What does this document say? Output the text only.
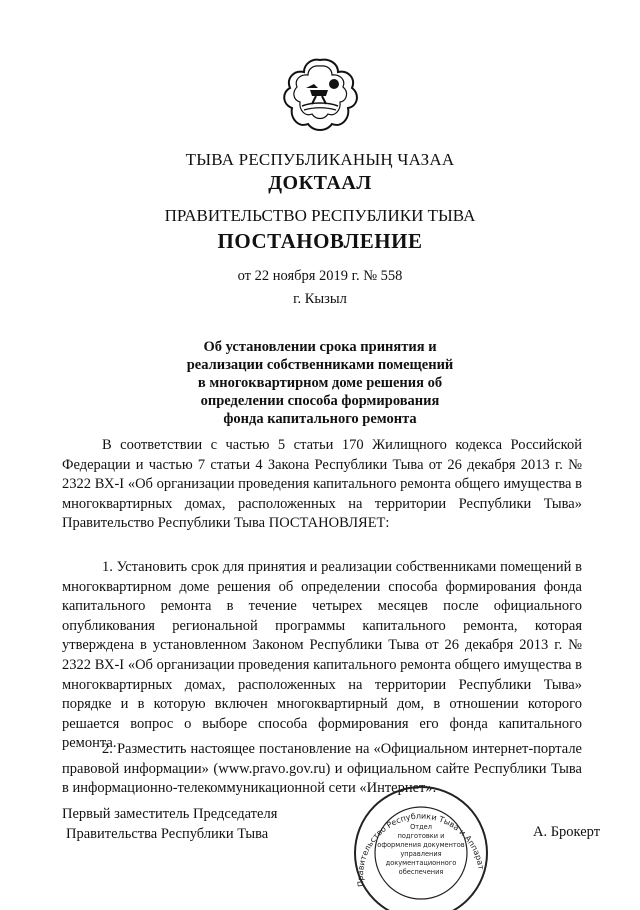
ТЫВА РЕСПУБЛИКАНЫҢ ЧАЗАА
ДОКТААЛ
ПРАВИТЕЛЬСТВО РЕСПУБЛИКИ ТЫВА
ПОСТАНОВЛЕНИЕ
от 22 ноября 2019 г. № 558
г. Кызыл
Об установлении срока принятия и
реализации собственниками помещений
в многоквартирном доме решения об
определении способа формирования
фонда капитального ремонта

В соответствии с частью 5 статьи 170 Жилищного кодекса Российской Федерации и частью 7 статьи 4 Закона Республики Тыва от 26 декабря 2013 г. № 2322 ВХ-I «Об организации проведения капитального ремонта общего имущества в многоквартирных домах, расположенных на территории Республики Тыва» Правительство Республики Тыва ПОСТАНОВЛЯЕТ:

1. Установить срок для принятия и реализации собственниками помещений в многоквартирном доме решения об определении способа формирования фонда капитального ремонта в течение четырех месяцев после официального опубликования региональной программы капитального ремонта, которая утверждена в установленном Законом Республики Тыва от 26 декабря 2013 г. № 2322 ВХ-I «Об организации проведения капитального ремонта общего имущества в многоквартирных домах, расположенных на территории Республики Тыва» порядке и в которую включен многоквартирный дом, в отношении которого решается вопрос о выборе способа формирования его фонда капитального ремонта.

2. Разместить настоящее постановление на «Официальном интернет-портале правовой информации» (www.pravo.gov.ru) и официальном сайте Республики Тыва в информационно-телекоммуникационной сети «Интернет».

Первый заместитель Председателя
Правительства Республики Тыва	А. Брокерт
Правительство Республики Тыва и Аппарат
Отдел
подготовки и
оформления документов
управления
документационного
обеспечения
